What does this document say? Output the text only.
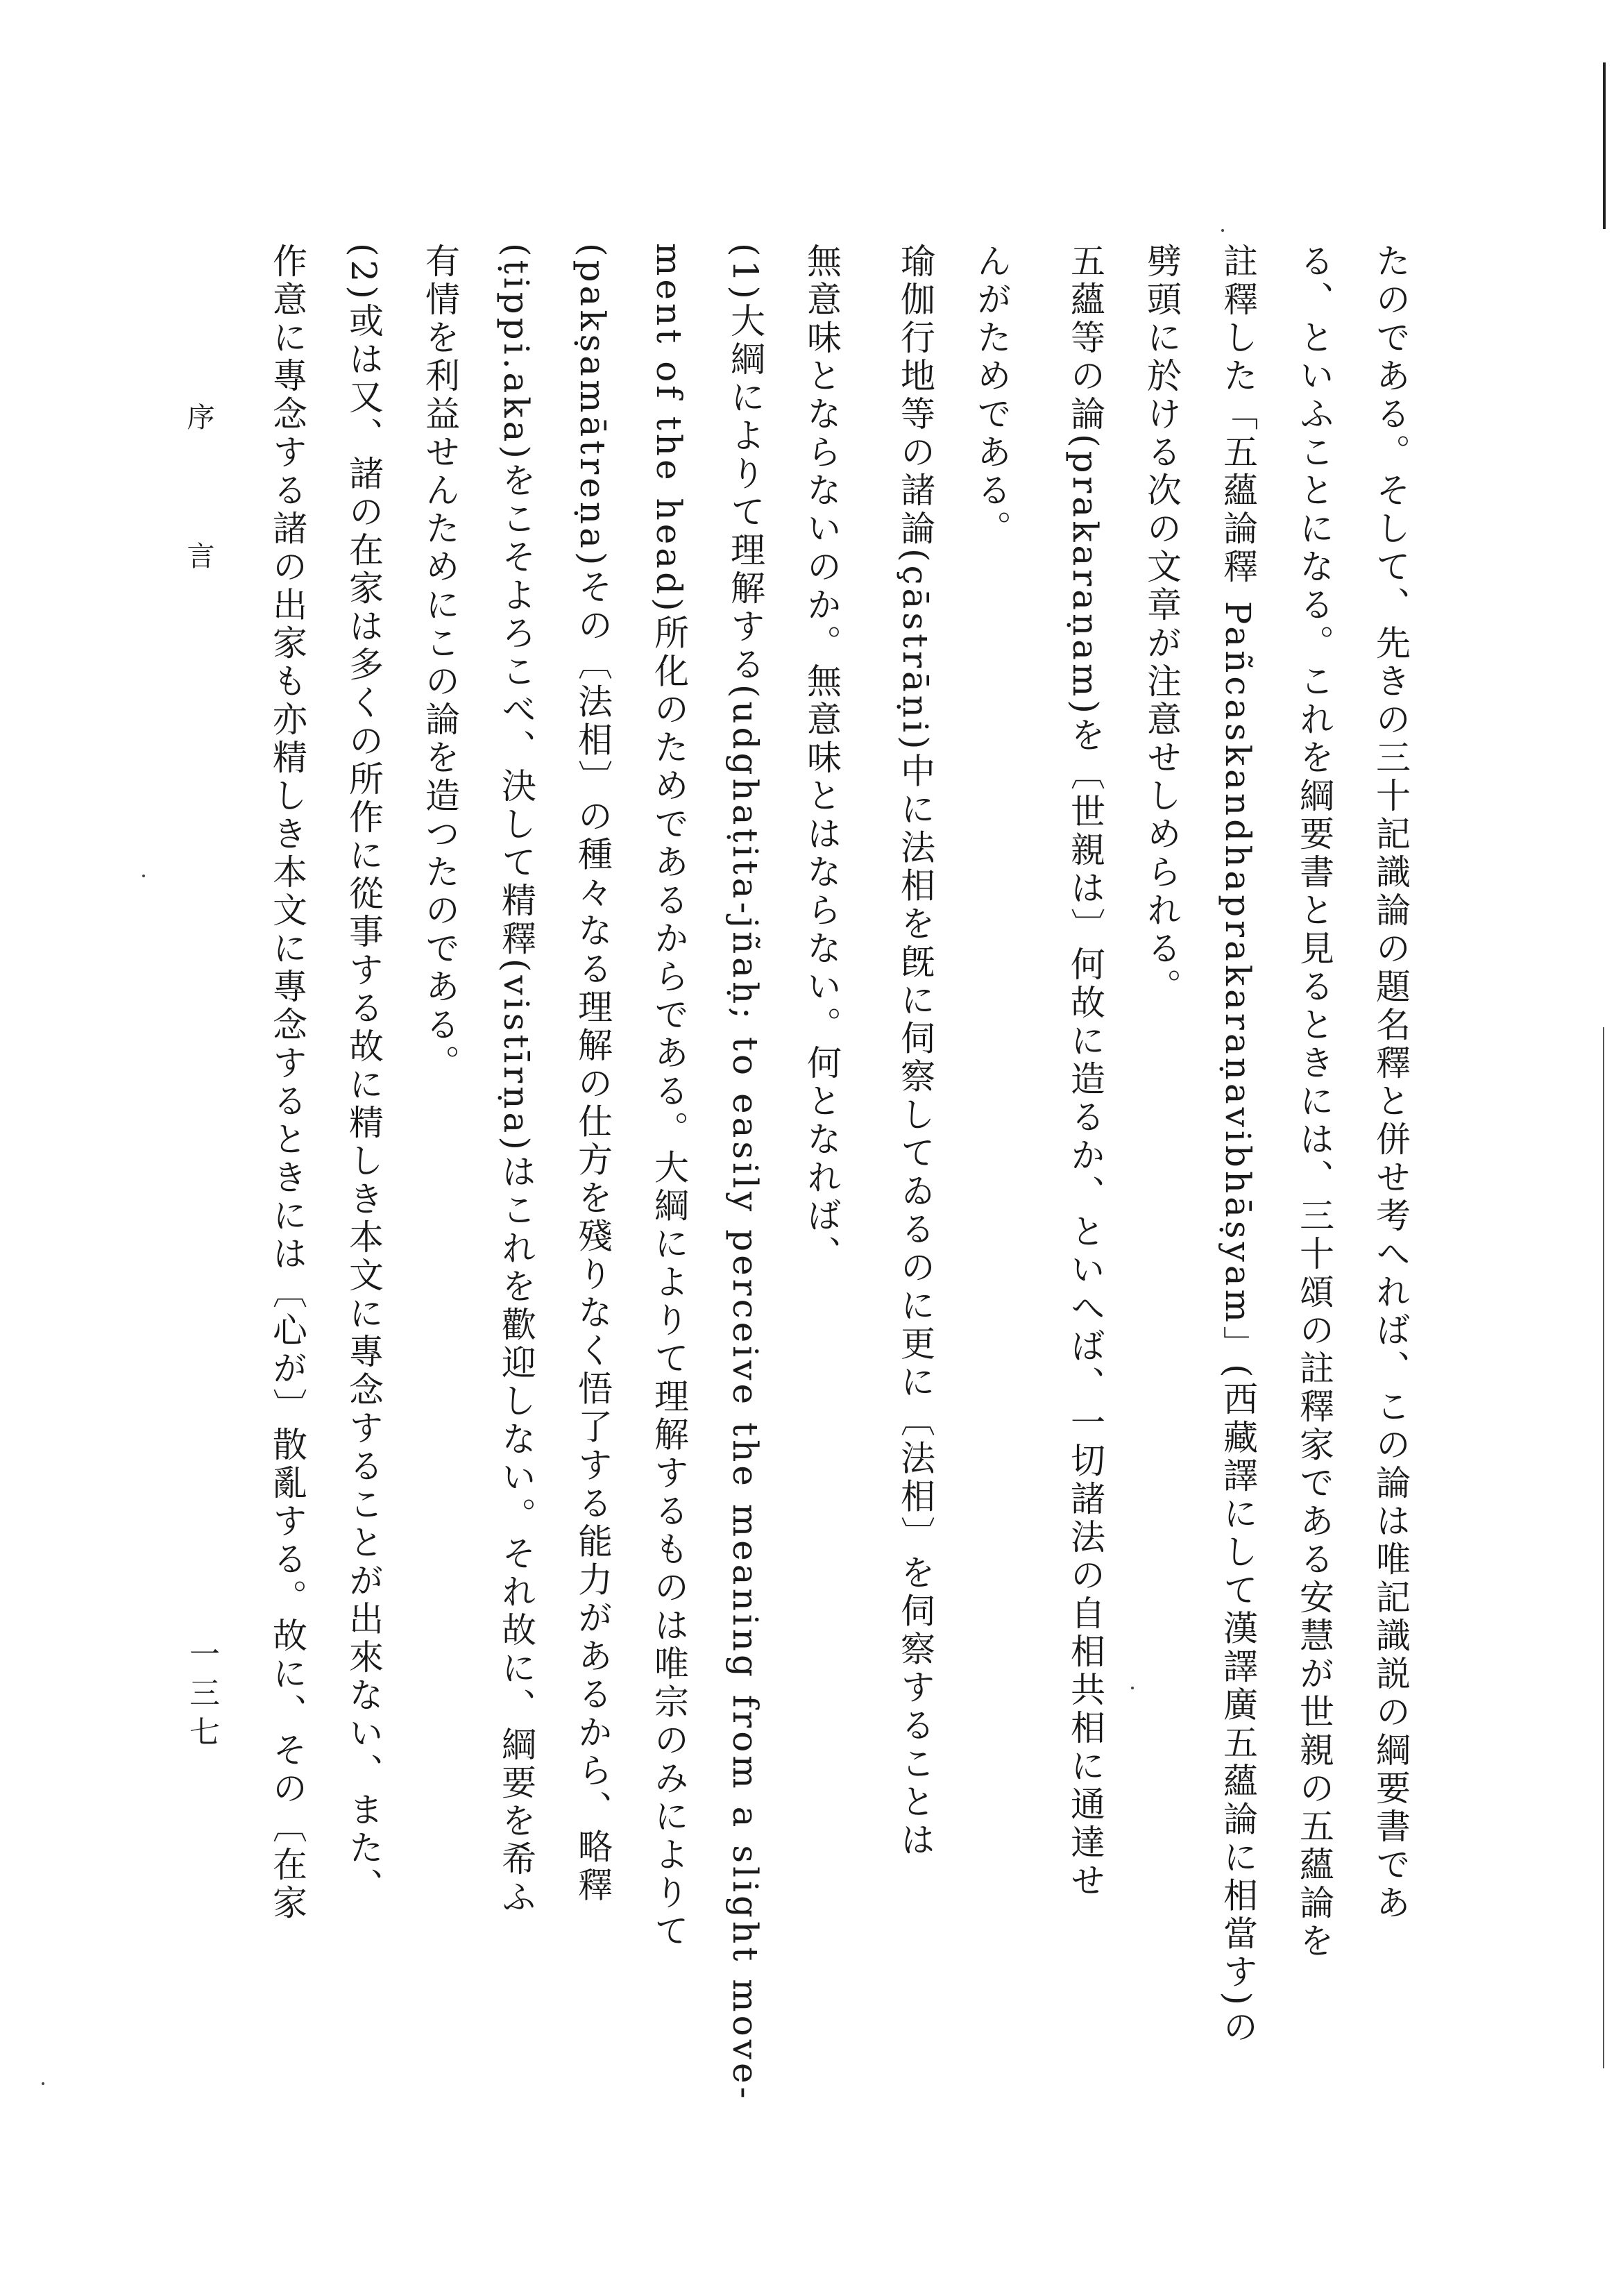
たのである。そして、先きの三十記識論の題名釋と併せ考へれば、この論は唯記識説の綱要書であ
る、といふことになる。これを綱要書と見るときには、三十頌の註釋家である安慧が世親の五蘊論を
註釋した「五蘊論釋 Pañcaskandhaprakaraṇavibhāṣyam」(西藏譯にして漢譯廣五蘊論に相當す)の
劈頭に於ける次の文章が注意せしめられる。
五蘊等の論(prakaraṇam)を〔世親は〕何故に造るか、といへば、一切諸法の自相共相に通達せ
んがためである。
瑜伽行地等の諸論(çāstrāṇi)中に法相を旣に伺察してゐるのに更に〔法相〕を伺察することは
無意味とならないのか。無意味とはならない。何となれば、
(1)大綱によりて理解する(udghaṭita-jñaḥ; to easily perceive the meaning from a slight move-
ment of the head)所化のためであるからである。大綱によりて理解するものは唯宗のみによりて
(pakṣamātreṇa)その〔法相〕の種々なる理解の仕方を殘りなく悟了する能力があるから、略釋
(ṭippi.aka)をこそよろこべ、決して精釋(vistīrṇa)はこれを歡迎しない。それ故に、綱要を希ふ
有情を利益せんためにこの論を造つたのである。
(2)或は又、諸の在家は多くの所作に從事する故に精しき本文に專念することが出來ない、また、
作意に專念する諸の出家も亦精しき本文に專念するときには〔心が〕散亂する。故に、その〔在家
序言
一三七
